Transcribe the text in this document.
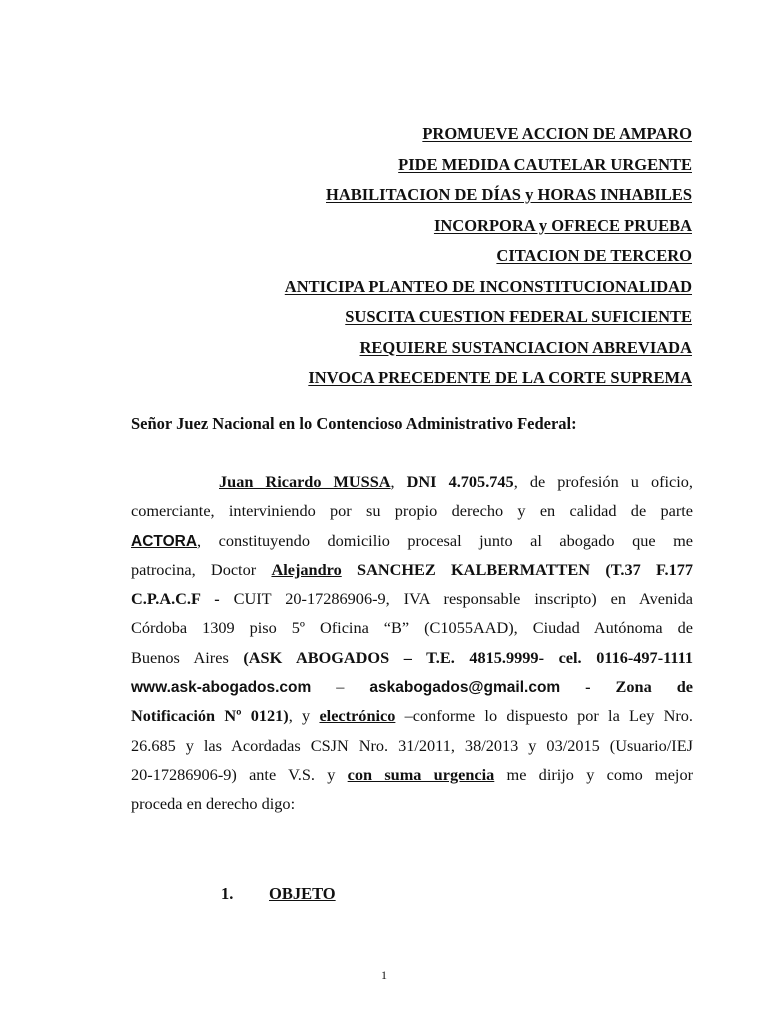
PROMUEVE ACCION DE AMPARO
PIDE MEDIDA CAUTELAR URGENTE
HABILITACION DE DÍAS y HORAS INHABILES
INCORPORA y OFRECE PRUEBA
CITACION DE TERCERO
ANTICIPA PLANTEO DE INCONSTITUCIONALIDAD
SUSCITA CUESTION FEDERAL SUFICIENTE
REQUIERE SUSTANCIACION ABREVIADA
INVOCA PRECEDENTE DE LA CORTE SUPREMA
Señor Juez Nacional en lo Contencioso Administrativo Federal:
Juan Ricardo MUSSA, DNI 4.705.745, de profesión u oficio,
comerciante, interviniendo por su propio derecho y en calidad de parte
ACTORA, constituyendo domicilio procesal junto al abogado que me
patrocina, Doctor Alejandro SANCHEZ KALBERMATTEN (T.37 F.177
C.P.A.C.F - CUIT 20-17286906-9, IVA responsable inscripto) en Avenida
Córdoba 1309 piso 5º Oficina “B” (C1055AAD), Ciudad Autónoma de
Buenos Aires (ASK ABOGADOS – T.E. 4815.9999- cel. 0116-497-1111
www.ask-abogados.com – askabogados@gmail.com - Zona de
Notificación Nº 0121), y electrónico –conforme lo dispuesto por la Ley Nro.
26.685 y las Acordadas CSJN Nro. 31/2011, 38/2013 y 03/2015 (Usuario/IEJ
20-17286906-9) ante V.S. y con suma urgencia me dirijo y como mejor
proceda en derecho digo:
1. OBJETO
1
